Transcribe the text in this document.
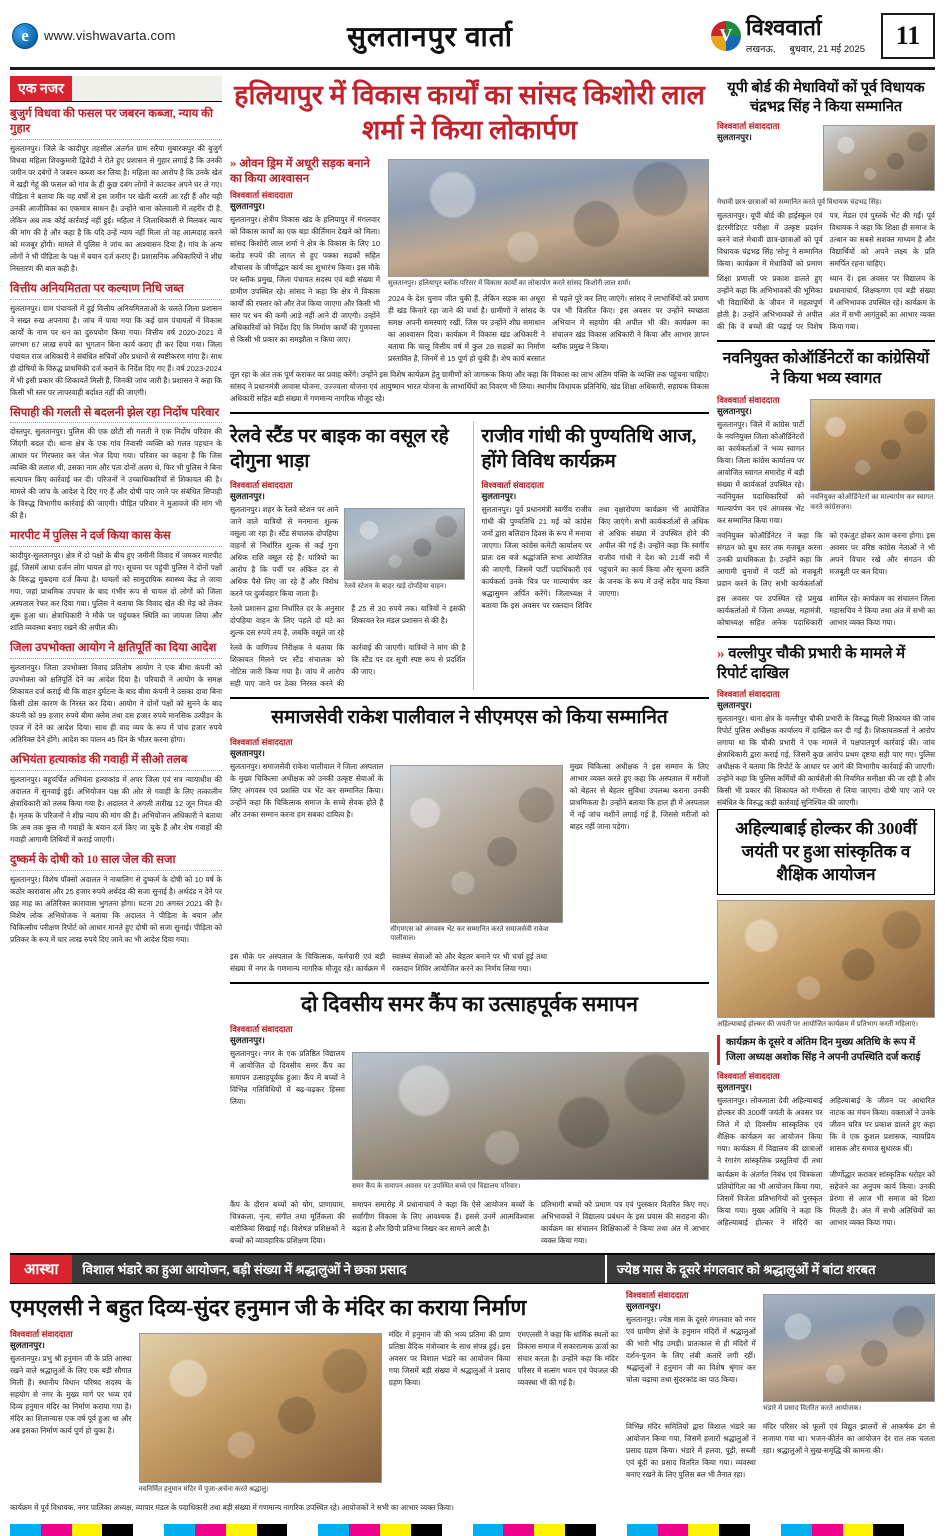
e
www.vishwavarta.com	सुलतानपुर वार्ता V	विश्ववार्ता
लखनऊ, बुधवार, 21 मई 2025	11
एक नजर
बुजुर्ग विधवा की फसल पर जबरन कब्जा, न्याय की गुहार
सुलतानपुर। जिले के कादीपुर तहसील अंतर्गत ग्राम सरैया मुबारकपुर की बुजुर्ग विधवा महिला शिवकुमारी द्विवेदी ने रोते हुए प्रशासन से गुहार लगाई है कि उनकी जमीन पर दबंगों ने जबरन कब्जा कर लिया है। महिला का आरोप है कि उनके खेत में खड़ी गेहूं की फसल को गांव के ही कुछ दबंग लोगों ने काटकर अपने घर ले गए। पीड़िता ने बताया कि वह वर्षों से इस जमीन पर खेती करती आ रही हैं और यही उनकी आजीविका का एकमात्र साधन है। उन्होंने थाना कोतवाली में तहरीर दी है, लेकिन अब तक कोई कार्रवाई नहीं हुई। महिला ने जिलाधिकारी से मिलकर न्याय की मांग की है और कहा है कि यदि उन्हें न्याय नहीं मिला तो वह आत्मदाह करने को मजबूर होंगी। मामले में पुलिस ने जांच का आश्वासन दिया है। गांव के अन्य लोगों ने भी पीड़िता के पक्ष में बयान दर्ज कराए हैं। प्रशासनिक अधिकारियों ने शीघ्र निस्तारण की बात कही है।
वित्तीय अनियमितता पर कल्याण निधि जब्त
सुलतानपुर। ग्राम पंचायतों में हुई वित्तीय अनियमितताओं के चलते जिला प्रशासन ने सख्त रुख अपनाया है। जांच में पाया गया कि कई ग्राम पंचायतों में विकास कार्यों के नाम पर धन का दुरुपयोग किया गया। वित्तीय वर्ष 2020-2021 में लगभग 67 लाख रुपये का भुगतान बिना कार्य कराए ही कर दिया गया। जिला पंचायत राज अधिकारी ने संबंधित सचिवों और प्रधानों से स्पष्टीकरण मांगा है। साथ ही दोषियों के विरुद्ध प्राथमिकी दर्ज कराने के निर्देश दिए गए हैं। वर्ष 2023-2024 में भी इसी प्रकार की शिकायतें मिली हैं, जिनकी जांच जारी है। प्रशासन ने कहा कि किसी भी स्तर पर लापरवाही बर्दाश्त नहीं की जाएगी।
सिपाही की गलती से बदलनी झेल रहा निर्दोष परिवार
दोस्तपुर, सुलतानपुर। पुलिस की एक छोटी सी गलती ने एक निर्दोष परिवार की जिंदगी बदल दी। थाना क्षेत्र के एक गांव निवासी व्यक्ति को गलत पहचान के आधार पर गिरफ्तार कर जेल भेज दिया गया। परिवार का कहना है कि जिस व्यक्ति की तलाश थी, उसका नाम और पता दोनों अलग थे, फिर भी पुलिस ने बिना सत्यापन किए कार्रवाई कर दी। परिजनों ने उच्चाधिकारियों से शिकायत की है। मामले की जांच के आदेश दे दिए गए हैं और दोषी पाए जाने पर संबंधित सिपाही के विरुद्ध विभागीय कार्रवाई की जाएगी। पीड़ित परिवार ने मुआवजे की मांग भी की है।
मारपीट में पुलिस ने दर्ज किया कास केस
कादीपुर-सुलतानपुर। क्षेत्र में दो पक्षों के बीच हुए जमीनी विवाद में जमकर मारपीट हुई, जिसमें आधा दर्जन लोग घायल हो गए। सूचना पर पहुंची पुलिस ने दोनों पक्षों के विरुद्ध मुकदमा दर्ज किया है। घायलों को सामुदायिक स्वास्थ्य केंद्र ले जाया गया, जहां प्राथमिक उपचार के बाद गंभीर रूप से घायल दो लोगों को जिला अस्पताल रेफर कर दिया गया। पुलिस ने बताया कि विवाद खेत की मेड़ को लेकर शुरू हुआ था। क्षेत्राधिकारी ने मौके पर पहुंचकर स्थिति का जायजा लिया और शांति व्यवस्था बनाए रखने की अपील की।
जिला उपभोक्ता आयोग ने क्षतिपूर्ति का दिया आदेश
सुलतानपुर। जिला उपभोक्ता विवाद प्रतितोष आयोग ने एक बीमा कंपनी को उपभोक्ता को क्षतिपूर्ति देने का आदेश दिया है। परिवादी ने आयोग के समक्ष शिकायत दर्ज कराई थी कि वाहन दुर्घटना के बाद बीमा कंपनी ने उसका दावा बिना किसी ठोस कारण के निरस्त कर दिया। आयोग ने दोनों पक्षों को सुनने के बाद कंपनी को 99 हजार रुपये बीमा क्लेम तथा दस हजार रुपये मानसिक उत्पीड़न के एवज में देने का आदेश दिया। साथ ही वाद व्यय के रूप में पांच हजार रुपये अतिरिक्त देने होंगे। आदेश का पालन 45 दिन के भीतर करना होगा।
अभियंता हत्याकांड की गवाही में सीओ तलब
सुलतानपुर। बहुचर्चित अभियंता हत्याकांड में अपर जिला एवं सत्र न्यायाधीश की अदालत में सुनवाई हुई। अभियोजन पक्ष की ओर से गवाही के लिए तत्कालीन क्षेत्राधिकारी को तलब किया गया है। अदालत ने अगली तारीख 12 जून नियत की है। मृतक के परिजनों ने शीघ्र न्याय की मांग की है। अभियोजन अधिकारी ने बताया कि अब तक कुल नौ गवाहों के बयान दर्ज किए जा चुके हैं और शेष गवाहों की गवाही आगामी तिथियों में कराई जाएगी।
दुष्कर्म के दोषी को 10 साल जेल की सजा
सुलतानपुर। विशेष पॉक्सो अदालत ने नाबालिग से दुष्कर्म के दोषी को 10 वर्ष के कठोर कारावास और 25 हजार रुपये अर्थदंड की सजा सुनाई है। अर्थदंड न देने पर छह माह का अतिरिक्त कारावास भुगतना होगा। घटना 20 अगस्त 2021 की है। विशेष लोक अभियोजक ने बताया कि अदालत ने पीड़िता के बयान और चिकित्सीय परीक्षण रिपोर्ट को आधार मानते हुए दोषी को सजा सुनाई। पीड़िता को प्रतिकर के रूप में चार लाख रुपये दिए जाने का भी आदेश दिया गया।
हलियापुर में विकास कार्यों का सांसद किशोरी लाल शर्मा ने किया लोकार्पण
» ओवन ड्रिम में अधूरी सड़क बनाने का किया आश्वासन
विश्ववार्ता संवाददाता
सुलतानपुर।
सुलतानपुर। क्षेत्रीय विकास खंड के हलियापुर में मंगलवार को विकास कार्यों का एक बड़ा कीर्तिमान देखने को मिला। सांसद किशोरी लाल शर्मा ने क्षेत्र के विकास के लिए 10 करोड़ रुपये की लागत से हुए पक्का सड़कों सहित शौचालय के जीर्णोद्धार कार्य का शुभारंभ किया। इस मौके पर ब्लॉक प्रमुख, जिला पंचायत सदस्य एवं बड़ी संख्या में ग्रामीण उपस्थित रहे। सांसद ने कहा कि क्षेत्र में विकास कार्यों की रफ्तार को और तेज किया जाएगा और किसी भी स्तर पर धन की कमी आड़े नहीं आने दी जाएगी। उन्होंने अधिकारियों को निर्देश दिए कि निर्माण कार्यों की गुणवत्ता से किसी भी प्रकार का समझौता न किया जाए।
सुलतानपुर। हलियापुर ब्लॉक परिसर में विकास कार्यों का लोकार्पण करते सांसद किशोरी लाल शर्मा।
2024 के देश चुनाव जीत चुकी हैं, लेकिन सड़क का अधूरा ही खंड किनारे रहा जाने की चर्चा है। ग्रामीणों ने सांसद के समक्ष अपनी समस्याएं रखीं, जिस पर उन्होंने शीघ्र समाधान का आश्वासन दिया। कार्यक्रम में विकास खंड अधिकारी ने बताया कि चालू वित्तीय वर्ष में कुल 28 सड़कों का निर्माण प्रस्तावित है, जिनमें से 15 पूर्ण हो चुकी हैं। शेष कार्य बरसात से पहले पूरे कर लिए जाएंगे। सांसद ने लाभार्थियों को प्रमाण पत्र भी वितरित किए। इस अवसर पर उन्होंने स्वच्छता अभियान में सहयोग की अपील भी की। कार्यक्रम का संचालन खंड विकास अधिकारी ने किया और आभार ज्ञापन ब्लॉक प्रमुख ने किया।
तूल रहा के अंत तक पूर्ण कराकर का प्रवाह करेंगे। उन्होंने इस विशेष कार्यक्रम हेतु ग्रामीणों को जागरूक किया और कहा कि विकास का लाभ अंतिम पंक्ति के व्यक्ति तक पहुंचना चाहिए। सांसद ने प्रधानमंत्री आवास योजना, उज्ज्वला योजना एवं आयुष्मान भारत योजना के लाभार्थियों का विवरण भी लिया। स्थानीय विधायक प्रतिनिधि, खंड शिक्षा अधिकारी, सहायक विकास अधिकारी सहित बड़ी संख्या में गणमान्य नागरिक मौजूद रहे।
रेलवे स्टैंड पर बाइक का वसूल रहे दोगुना भाड़ा
विश्ववार्ता संवाददाता
सुलतानपुर।
सुलतानपुर। शहर के रेलवे स्टेशन पर आने जाने वाले यात्रियों से मनमाना शुल्क वसूला जा रहा है। स्टैंड संचालक दोपहिया वाहनों से निर्धारित शुल्क से कई गुना अधिक राशि वसूल रहे हैं। यात्रियों का आरोप है कि पर्ची पर अंकित दर से अधिक पैसे लिए जा रहे हैं और विरोध करने पर दुर्व्यवहार किया जाता है।
रेलवे स्टेशन के बाहर खड़े दोपहिया वाहन।
रेलवे प्रशासन द्वारा निर्धारित दर के अनुसार दोपहिया वाहन के लिए पहले दो घंटे का शुल्क दस रुपये तय है, जबकि वसूले जा रहे हैं 25 से 30 रुपये तक। यात्रियों ने इसकी शिकायत रेल मंडल प्रशासन से की है।
रेलवे के वाणिज्य निरीक्षक ने बताया कि शिकायत मिलने पर स्टैंड संचालक को नोटिस जारी किया गया है। जांच में आरोप सही पाए जाने पर ठेका निरस्त करने की कार्रवाई की जाएगी। यात्रियों ने मांग की है कि स्टैंड पर दर सूची स्पष्ट रूप से प्रदर्शित की जाए।
राजीव गांधी की पुण्यतिथि आज, होंगे विविध कार्यक्रम
विश्ववार्ता संवाददाता
सुलतानपुर।
सुलतानपुर। पूर्व प्रधानमंत्री स्वर्गीय राजीव गांधी की पुण्यतिथि 21 मई को कांग्रेस जनों द्वारा बलिदान दिवस के रूप में मनाया जाएगा। जिला कांग्रेस कमेटी कार्यालय पर प्रातः दस बजे श्रद्धांजलि सभा आयोजित की जाएगी, जिसमें पार्टी पदाधिकारी एवं कार्यकर्ता उनके चित्र पर माल्यार्पण कर श्रद्धासुमन अर्पित करेंगे। जिलाध्यक्ष ने बताया कि इस अवसर पर रक्तदान शिविर तथा वृक्षारोपण कार्यक्रम भी आयोजित किए जाएंगे। सभी कार्यकर्ताओं से अधिक से अधिक संख्या में उपस्थित होने की अपील की गई है। उन्होंने कहा कि स्वर्गीय राजीव गांधी ने देश को 21वीं सदी में पहुंचाने का कार्य किया और सूचना क्रांति के जनक के रूप में उन्हें सदैव याद किया जाएगा।
समाजसेवी राकेश पालीवाल ने सीएमएस को किया सम्मानित
विश्ववार्ता संवाददाता
सुलतानपुर।
सुलतानपुर। समाजसेवी राकेश पालीवाल ने जिला अस्पताल के मुख्य चिकित्सा अधीक्षक को उनकी उत्कृष्ट सेवाओं के लिए अंगवस्त्र एवं प्रशस्ति पत्र भेंट कर सम्मानित किया। उन्होंने कहा कि चिकित्सक समाज के सच्चे सेवक होते हैं और उनका सम्मान करना हम सबका दायित्व है।
सीएमएस को अंगवस्त्र भेंट कर सम्मानित करते समाजसेवी राकेश पालीवाल।
मुख्य चिकित्सा अधीक्षक ने इस सम्मान के लिए आभार व्यक्त करते हुए कहा कि अस्पताल में मरीजों को बेहतर से बेहतर सुविधा उपलब्ध कराना उनकी प्राथमिकता है। उन्होंने बताया कि हाल ही में अस्पताल में नई जांच मशीनें लगाई गई हैं, जिससे मरीजों को बाहर नहीं जाना पड़ेगा।
इस मौके पर अस्पताल के चिकित्सक, कर्मचारी एवं बड़ी संख्या में नगर के गणमान्य नागरिक मौजूद रहे। कार्यक्रम में स्वास्थ्य सेवाओं को और बेहतर बनाने पर भी चर्चा हुई तथा रक्तदान शिविर आयोजित करने का निर्णय लिया गया।
दो दिवसीय समर कैंप का उत्साहपूर्वक समापन
विश्ववार्ता संवाददाता
सुलतानपुर।
सुलतानपुर। नगर के एक प्रतिष्ठित विद्यालय में आयोजित दो दिवसीय समर कैंप का समापन उत्साहपूर्वक हुआ। कैंप में बच्चों ने विभिन्न गतिविधियों में बढ़-चढ़कर हिस्सा लिया।
समर कैंप के समापन अवसर पर उपस्थित बच्चे एवं विद्यालय परिवार।
कैंप के दौरान बच्चों को योग, प्राणायाम, चित्रकला, नृत्य, संगीत तथा मूर्तिकला की बारीकियां सिखाई गईं। विशेषज्ञ प्रशिक्षकों ने बच्चों को व्यावहारिक प्रशिक्षण दिया।
समापन समारोह में प्रधानाचार्य ने कहा कि ऐसे आयोजन बच्चों के सर्वांगीण विकास के लिए आवश्यक हैं। इससे उनमें आत्मविश्वास बढ़ता है और छिपी प्रतिभा निखर कर सामने आती है।
प्रतिभागी बच्चों को प्रमाण पत्र एवं पुरस्कार वितरित किए गए। अभिभावकों ने विद्यालय प्रबंधन के इस प्रयास की सराहना की। कार्यक्रम का संचालन शिक्षिकाओं ने किया तथा अंत में आभार व्यक्त किया गया।
यूपी बोर्ड की मेधावियों कों पूर्व विधायक चंद्रभद्र सिंह ने किया सम्मानित
विश्ववार्ता संवाददाता
सुलतानपुर।
मेधावी छात्र-छात्राओं को सम्मानित करते पूर्व विधायक चंद्रभद्र सिंह।
सुलतानपुर। यूपी बोर्ड की हाईस्कूल एवं इंटरमीडिएट परीक्षा में उत्कृष्ट प्रदर्शन करने वाले मेधावी छात्र-छात्राओं को पूर्व विधायक चंद्रभद्र सिंह 'सोनू' ने सम्मानित किया। कार्यक्रम में मेधावियों को प्रमाण पत्र, मेडल एवं पुस्तकें भेंट की गईं। पूर्व विधायक ने कहा कि शिक्षा ही समाज के उत्थान का सबसे सशक्त माध्यम है और विद्यार्थियों को अपने लक्ष्य के प्रति समर्पित रहना चाहिए।
शिक्षा प्रणाली पर प्रकाश डालते हुए उन्होंने कहा कि अभिभावकों की भूमिका भी विद्यार्थियों के जीवन में महत्वपूर्ण होती है। उन्होंने अभिभावकों से अपील की कि वे बच्चों की पढ़ाई पर विशेष ध्यान दें। इस अवसर पर विद्यालय के प्रधानाचार्य, शिक्षकगण एवं बड़ी संख्या में अभिभावक उपस्थित रहे। कार्यक्रम के अंत में सभी आगंतुकों का आभार व्यक्त किया गया।
नवनियुक्त कोऑर्डिनेटरों का कांग्रेसियों ने किया भव्य स्वागत
विश्ववार्ता संवाददाता
सुलतानपुर।
सुलतानपुर। जिले में कांग्रेस पार्टी के नवनियुक्त जिला कोऑर्डिनेटरों का कार्यकर्ताओं ने भव्य स्वागत किया। जिला कांग्रेस कार्यालय पर आयोजित स्वागत समारोह में बड़ी संख्या में कार्यकर्ता उपस्थित रहे। नवनियुक्त पदाधिकारियों को माल्यार्पण कर एवं अंगवस्त्र भेंट कर सम्मानित किया गया।
नवनियुक्त कोऑर्डिनेटरों का माल्यार्पण कर स्वागत करते कांग्रेसजन।
नवनियुक्त कोऑर्डिनेटर ने कहा कि संगठन को बूथ स्तर तक मजबूत करना उनकी प्राथमिकता है। उन्होंने कहा कि आगामी चुनावों में पार्टी को मजबूती प्रदान करने के लिए सभी कार्यकर्ताओं को एकजुट होकर काम करना होगा। इस अवसर पर वरिष्ठ कांग्रेस नेताओं ने भी अपने विचार रखे और संगठन की मजबूती पर बल दिया।
इस अवसर पर उपस्थित रहे प्रमुख कार्यकर्ताओं में जिला अध्यक्ष, महामंत्री, कोषाध्यक्ष सहित अनेक पदाधिकारी शामिल रहे। कार्यक्रम का संचालन जिला महासचिव ने किया तथा अंत में सभी का आभार व्यक्त किया गया।
» वल्लीपुर चौकी प्रभारी के मामले में रिपोर्ट दाखिल
विश्ववार्ता संवाददाता
सुलतानपुर।
सुलतानपुर। थाना क्षेत्र के वल्लीपुर चौकी प्रभारी के विरुद्ध मिली शिकायत की जांच रिपोर्ट पुलिस अधीक्षक कार्यालय में दाखिल कर दी गई है। शिकायतकर्ता ने आरोप लगाया था कि चौकी प्रभारी ने एक मामले में पक्षपातपूर्ण कार्रवाई की। जांच क्षेत्राधिकारी द्वारा कराई गई, जिसमें कुछ आरोप प्रथम दृष्टया सही पाए गए। पुलिस अधीक्षक ने बताया कि रिपोर्ट के आधार पर आगे की विभागीय कार्रवाई की जाएगी। उन्होंने कहा कि पुलिस कर्मियों की कार्यशैली की नियमित समीक्षा की जा रही है और किसी भी प्रकार की शिकायत को गंभीरता से लिया जाएगा। दोषी पाए जाने पर संबंधित के विरुद्ध कड़ी कार्रवाई सुनिश्चित की जाएगी।
अहिल्याबाई होल्कर की 300वीं जयंती पर हुआ सांस्कृतिक व शैक्षिक आयोजन
अहिल्याबाई होल्कर की जयंती पर आयोजित कार्यक्रम में प्रतिभाग करतीं महिलाएं।
कार्यक्रम के दूसरे व अंतिम दिन मुख्य अतिथि के रूप में जिला अध्यक्ष अशोक सिंह ने अपनी उपस्थिति दर्ज कराई
विश्ववार्ता संवाददाता
सुलतानपुर।
सुलतानपुर। लोकमाता देवी अहिल्याबाई होल्कर की 300वीं जयंती के अवसर पर जिले में दो दिवसीय सांस्कृतिक एवं शैक्षिक कार्यक्रम का आयोजन किया गया। कार्यक्रम में विद्यालय की छात्राओं ने रंगारंग सांस्कृतिक प्रस्तुतियां दीं तथा अहिल्याबाई के जीवन पर आधारित नाटक का मंचन किया। वक्ताओं ने उनके जीवन चरित्र पर प्रकाश डालते हुए कहा कि वे एक कुशल प्रशासक, न्यायप्रिय शासक और समाज सुधारक थीं।
कार्यक्रम के अंतर्गत निबंध एवं चित्रकला प्रतियोगिता का भी आयोजन किया गया, जिसमें विजेता प्रतिभागियों को पुरस्कृत किया गया। मुख्य अतिथि ने कहा कि अहिल्याबाई होल्कर ने मंदिरों का जीर्णोद्धार कराकर सांस्कृतिक धरोहर को सहेजने का अनुपम कार्य किया। उनकी प्रेरणा से आज भी समाज को दिशा मिलती है। अंत में सभी अतिथियों का आभार व्यक्त किया गया।
आस्था	विशाल भंडारे का हुआ आयोजन, बड़ी संख्या में श्रद्धालुओं ने छका प्रसाद	ज्येष्ठ मास के दूसरे मंगलवार को श्रद्धालुओं में बांटा शरबत
एमएलसी ने बहुत दिव्य-सुंदर हनुमान जी के मंदिर का कराया निर्माण
विश्ववार्ता संवाददाता
सुलतानपुर।
सुलतानपुर। प्रभु श्री हनुमान जी के प्रति आस्था रखने वाले श्रद्धालुओं के लिए एक बड़ी सौगात मिली है। स्थानीय विधान परिषद सदस्य के सहयोग से नगर के मुख्य मार्ग पर भव्य एवं दिव्य हनुमान मंदिर का निर्माण कराया गया है। मंदिर का शिलान्यास एक वर्ष पूर्व हुआ था और अब इसका निर्माण कार्य पूर्ण हो चुका है।
नवनिर्मित हनुमान मंदिर में पूजा-अर्चना करते श्रद्धालु।
मंदिर में हनुमान जी की भव्य प्रतिमा की प्राण प्रतिष्ठा वैदिक मंत्रोच्चार के साथ संपन्न हुई। इस अवसर पर विशाल भंडारे का आयोजन किया गया जिसमें बड़ी संख्या में श्रद्धालुओं ने प्रसाद ग्रहण किया।
एमएलसी ने कहा कि धार्मिक स्थलों का विकास समाज में सकारात्मक ऊर्जा का संचार करता है। उन्होंने कहा कि मंदिर परिसर में सत्संग भवन एवं पेयजल की व्यवस्था भी की गई है।
कार्यक्रम में पूर्व विधायक, नगर पालिका अध्यक्ष, व्यापार मंडल के पदाधिकारी तथा बड़ी संख्या में गणमान्य नागरिक उपस्थित रहे। आयोजकों ने सभी का आभार व्यक्त किया।
विश्ववार्ता संवाददाता
सुलतानपुर।
सुलतानपुर। ज्येष्ठ मास के दूसरे मंगलवार को नगर एवं ग्रामीण क्षेत्रों के हनुमान मंदिरों में श्रद्धालुओं की भारी भीड़ उमड़ी। प्रातःकाल से ही मंदिरों में दर्शन-पूजन के लिए लंबी कतारें लगी रहीं। श्रद्धालुओं ने हनुमान जी का विशेष श्रृंगार कर चोला चढ़ाया तथा सुंदरकांड का पाठ किया।
भंडारे में प्रसाद वितरित करते आयोजक।
विभिन्न मंदिर समितियों द्वारा विशाल भंडारे का आयोजन किया गया, जिसमें हजारों श्रद्धालुओं ने प्रसाद ग्रहण किया। भंडारे में हलवा, पूड़ी, सब्जी एवं बूंदी का प्रसाद वितरित किया गया। व्यवस्था बनाए रखने के लिए पुलिस बल भी तैनात रहा।
मंदिर परिसर को फूलों एवं विद्युत झालरों से आकर्षक ढंग से सजाया गया था। भजन-कीर्तन का आयोजन देर रात तक चलता रहा। श्रद्धालुओं ने सुख-समृद्धि की कामना की।
